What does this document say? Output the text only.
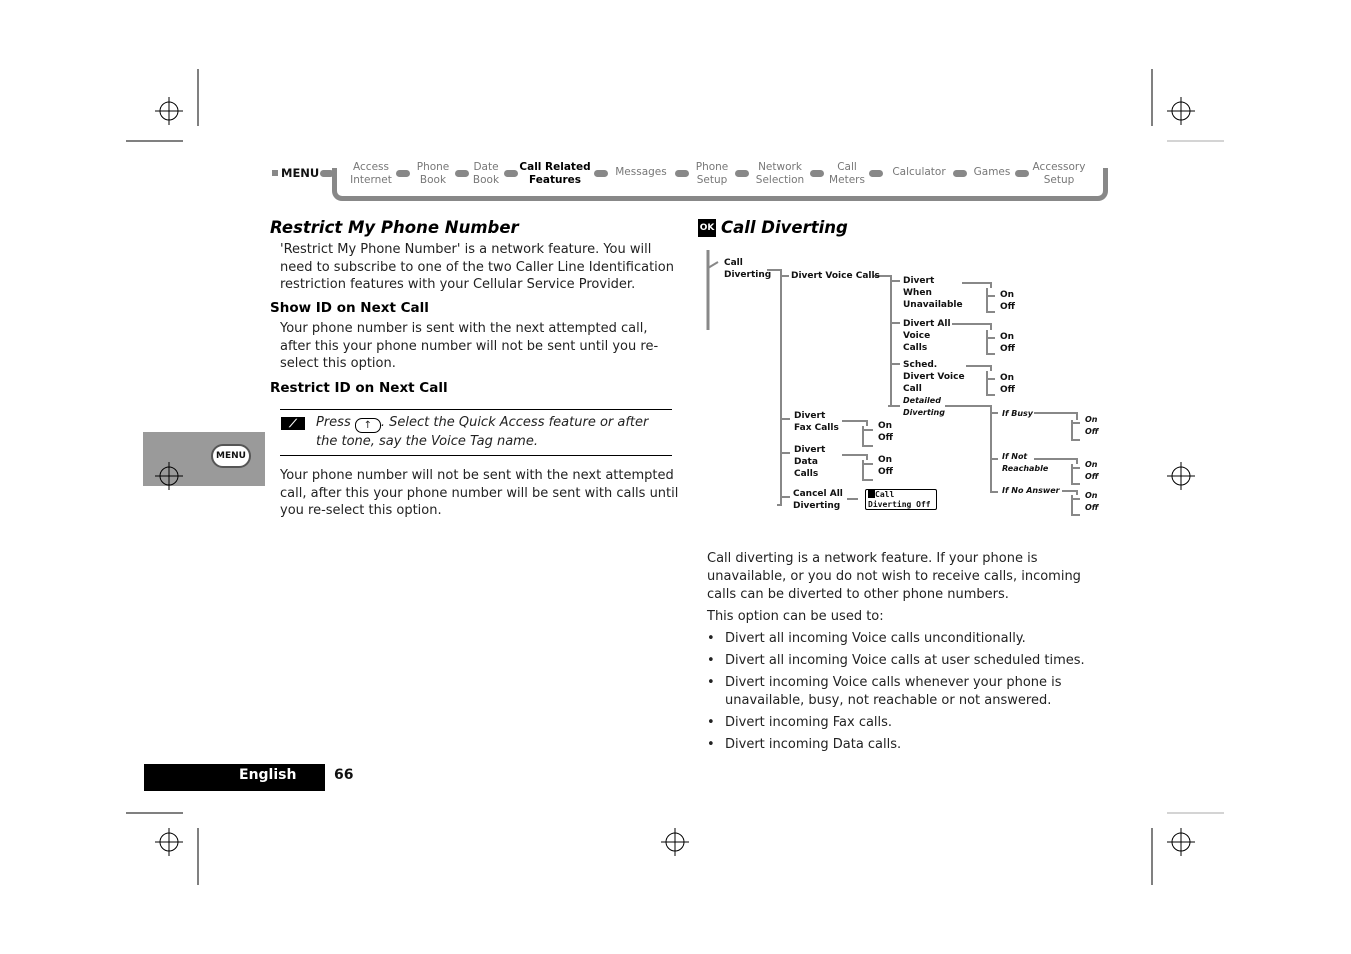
MENU	Access
Internet
Phone
Book
Date
Book
Call Related
Features
Messages	Phone
Setup
Network
Selection
Call
Meters
Calculator	Games Accessory
Setup
MENU
Restrict My Phone Number
'Restrict My Phone Number' is a network feature. You will need to subscribe to one of the two Caller Line Identification restriction features with your Cellular Service Provider.
Show ID on Next Call
Your phone number is sent with the next attempted call, after this your phone number will not be sent until you re-select this option.
Restrict ID on Next Call
⟋	Press ↑ . Select the Quick Access feature or after the tone, say the Voice Tag name.
Your phone number will not be sent with the next attempted call, after this your phone number will be sent with calls until you re-select this option.
OK Call Diverting
Call Diverting Divert Voice Calls	Divert When Unavailable
Divert All Voice Calls
Sched. Divert Voice Call
Detailed Diverting	If Busy
If Not Reachable
If No Answer
Divert Fax Calls
Divert Data Calls
Cancel All Diverting
Call
Diverting Off
On
Off
On
Off
On
Off
On
Off
On
Off
On
Off
On
Off
On
Off
Call diverting is a network feature. If your phone is unavailable, or you do not wish to receive calls, incoming calls can be diverted to other phone numbers.
This option can be used to:
• Divert all incoming Voice calls unconditionally.
• Divert all incoming Voice calls at user scheduled times.
• Divert incoming Voice calls whenever your phone is unavailable, busy, not reachable or not answered.
• Divert incoming Fax calls.
• Divert incoming Data calls.
English	66
